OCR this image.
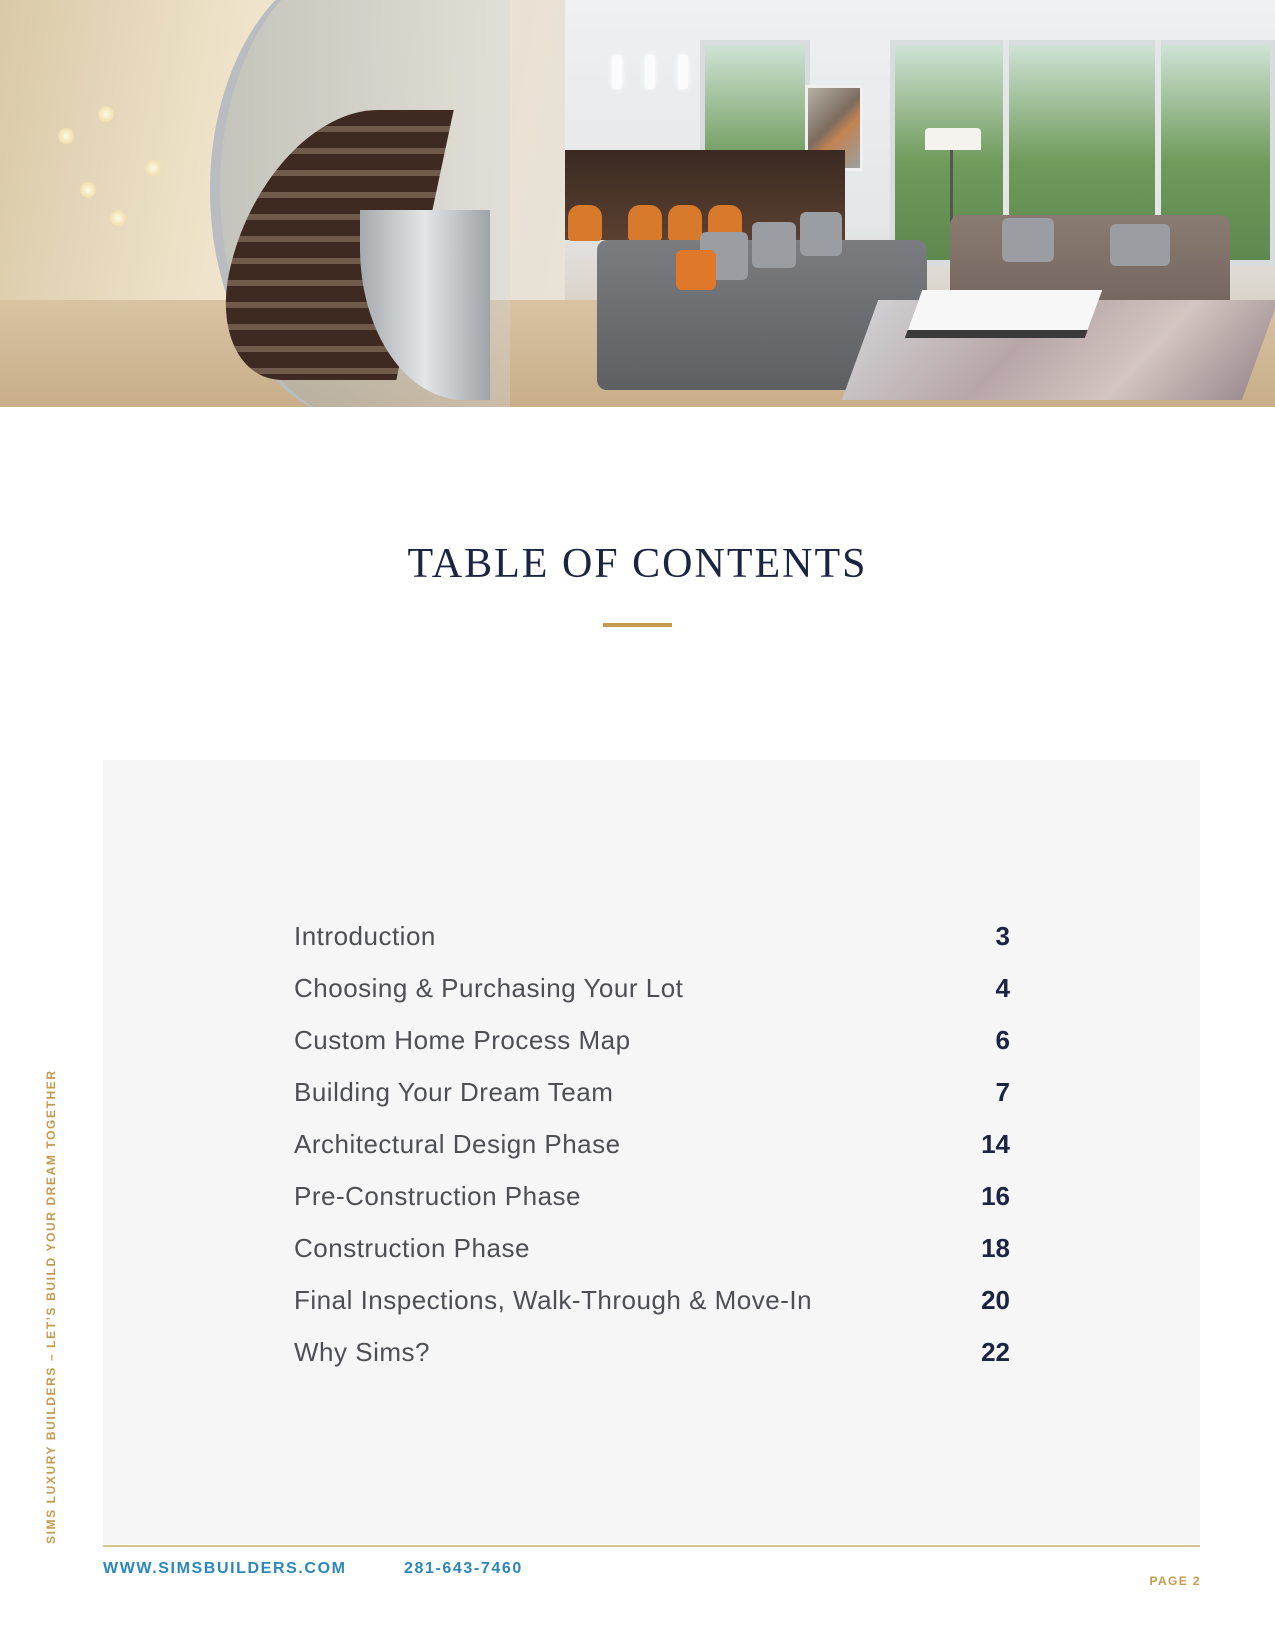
TABLE OF CONTENTS
Introduction	3
Choosing & Purchasing Your Lot	4
Custom Home Process Map	6
Building Your Dream Team	7
Architectural Design Phase	14
Pre-Construction Phase	16
Construction Phase	18
Final Inspections, Walk-Through & Move-In	20
Why Sims?	22
SIMS LUXURY BUILDERS – LET’S BUILD YOUR DREAM TOGETHER
WWW.SIMSBUILDERS.COM	281-643-7460
PAGE 2
